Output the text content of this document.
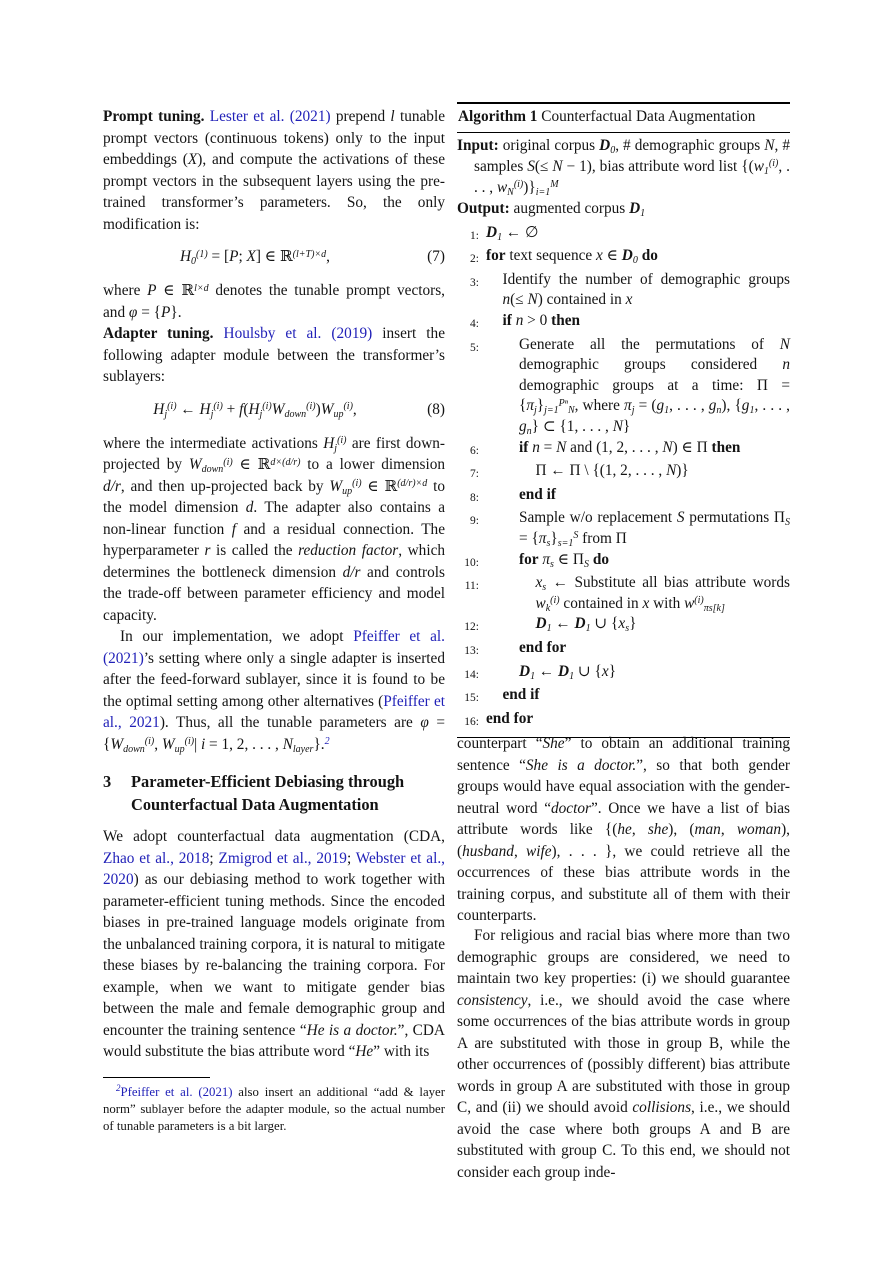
Prompt tuning. Lester et al. (2021) prepend l tunable prompt vectors (continuous tokens) only to the input embeddings (X), and compute the activations of these prompt vectors in the subsequent layers using the pre-trained transformer’s parameters. So, the only modification is:

$H0^{(1)} = [P$; X] ∈ ℝ$^{(l+T)\times d}$,	(7)

where P ∈ ℝ$^{l\times d}$ denotes the tunable prompt vectors, and φ = {P}.

Adapter tuning. Houlsby et al. (2019) insert the following adapter module between the transformer’s sublayers:

Hj$^{(i)}$ ← $Hj^{(i)}$ + $f(Hj^{(i)}Wdown^{(i)})Wup^{(i)}$,	(8)

where the intermediate activations Hj$^{(i)}$ are first down-projected by Wdown$^{(i)}$ ∈ ℝ$^{d\times(d/r)}$ to a lower dimension d/r, and then up-projected back by Wup$^{(i)}$ ∈ ℝ$^{(d/r)\times d}$ to the model dimension d. The adapter also contains a non-linear function f and a residual connection. The hyperparameter r is called the reduction factor, which determines the bottleneck dimension d/r and controls the trade-off between parameter efficiency and model capacity.

In our implementation, we adopt Pfeiffer et al. (2021)’s setting where only a single adapter is inserted after the feed-forward sublayer, since it is found to be the optimal setting among other alternatives (Pfeiffer et al., 2021). Thus, all the tunable parameters are φ = {Wdown$^{(i)}$, Wup$^{(i)}$| i = 1, 2, . . . , Nlayer}.$^2$

3	Parameter-Efficient Debiasing through Counterfactual Data Augmentation

We adopt counterfactual data augmentation (CDA, Zhao et al., 2018; Zmigrod et al., 2019; Webster et al., 2020) as our debiasing method to work together with parameter-efficient tuning methods. Since the encoded biases in pre-trained language models originate from the unbalanced training corpora, it is natural to mitigate these biases by re-balancing the training corpora. For example, when we want to mitigate gender bias between the male and female demographic group and encounter the training sentence “He is a doctor.”, CDA would substitute the bias attribute word “He” with its

$^2$Pfeiffer et al. (2021) also insert an additional “add & layer norm” sublayer before the adapter module, so the actual number of tunable parameters is a bit larger.

Algorithm 1 Counterfactual Data Augmentation
Input: original corpus D0, # demographic groups N, # samples S(≤ N − 1), bias attribute word list {(w1$^{(i)}$, . . . , $wN^{(i)})\}i=1^M$
Output: augmented corpus D1
1: D1 ← ∅
2: for text sequence x ∈ D0 do
3:	Identify the number of demographic groups n(≤ N) contained in x
4:	if n > 0 then
5:	Generate all the permutations of N demographic groups considered n demographic groups at a time: $\Pi = \{\pi j\}j=1^{P^n}N$, where πj = (g1, . . . , gn), {g1, . . . , gn} ⊂ {1, . . . , N}
6:	if n = N and (1, 2, . . . , N) ∈ Π then
7:	Π ← Π \ {(1, 2, . . . , N)}
8:	end if
9:	Sample w/o replacement S permutations $\Pi S = \{\pi s\}s=1^S$ from Π
10:	for πs ∈ ΠS do
11:	xs ← Substitute all bias attribute words $wk^{(i)}$ contained in x with $w^{(i)}\pi s[k]$
12:	D1 ← D1 ∪ {xs}
13:	end for
14:	D1 ← D1 ∪ {x}
15:	end if
16: end for

counterpart “She” to obtain an additional training sentence “She is a doctor.”, so that both gender groups would have equal association with the gender-neutral word “doctor”. Once we have a list of bias attribute words like {(he, she), (man, woman), (husband, wife), . . . }, we could retrieve all the occurrences of these bias attribute words in the training corpus, and substitute all of them with their counterparts.

For religious and racial bias where more than two demographic groups are considered, we need to maintain two key properties: (i) we should guarantee consistency, i.e., we should avoid the case where some occurrences of the bias attribute words in group A are substituted with those in group B, while the other occurrences of (possibly different) bias attribute words in group A are substituted with those in group C, and (ii) we should avoid collisions, i.e., we should avoid the case where both groups A and B are substituted with group C. To this end, we should not consider each group inde-
